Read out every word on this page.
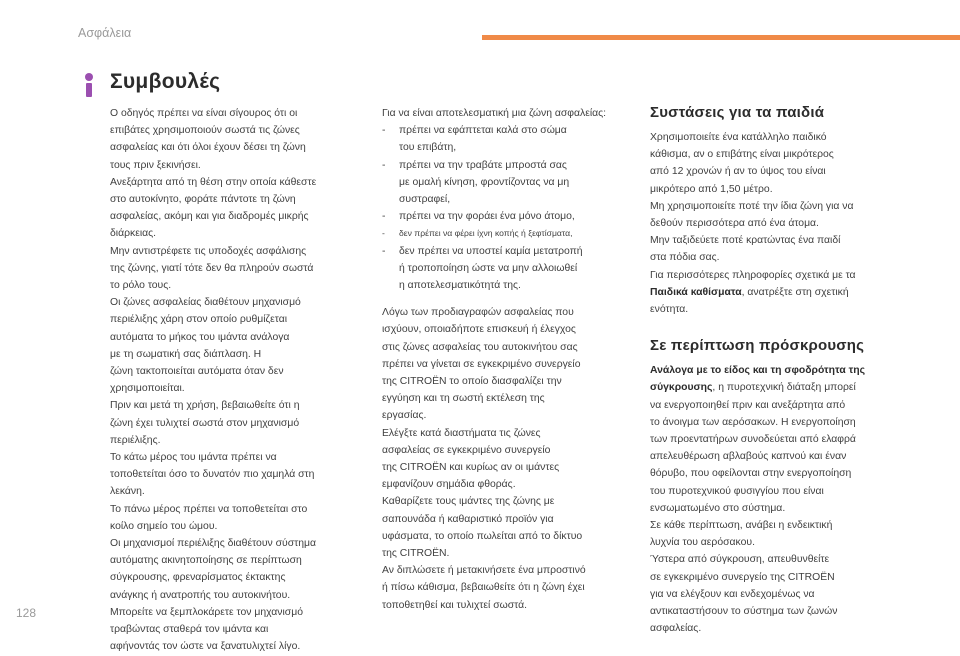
Ασφάλεια
Συμβουλές

Ο οδηγός πρέπει να είναι σίγουρος ότι οι

επιβάτες χρησιμοποιούν σωστά τις ζώνες

ασφαλείας και ότι όλοι έχουν δέσει τη ζώνη

τους πριν ξεκινήσει.

Ανεξάρτητα από τη θέση στην οποία κάθεστε

στο αυτοκίνητο, φοράτε πάντοτε τη ζώνη

ασφαλείας, ακόμη και για διαδρομές μικρής

διάρκειας.

Μην αντιστρέφετε τις υποδοχές ασφάλισης

της ζώνης, γιατί τότε δεν θα πληρούν σωστά

το ρόλο τους.

Οι ζώνες ασφαλείας διαθέτουν μηχανισμό

περιέλιξης χάρη στον οποίο ρυθμίζεται

αυτόματα το μήκος του ιμάντα ανάλογα

με τη σωματική σας διάπλαση. Η

ζώνη τακτοποιείται αυτόματα όταν δεν

χρησιμοποιείται.

Πριν και μετά τη χρήση, βεβαιωθείτε ότι η

ζώνη έχει τυλιχτεί σωστά στον μηχανισμό

περιέλιξης.

Το κάτω μέρος του ιμάντα πρέπει να

τοποθετείται όσο το δυνατόν πιο χαμηλά στη

λεκάνη.

Το πάνω μέρος πρέπει να τοποθετείται στο

κοίλο σημείο του ώμου.

Οι μηχανισμοί περιέλιξης διαθέτουν σύστημα

αυτόματης ακινητοποίησης σε περίπτωση

σύγκρουσης, φρεναρίσματος έκτακτης

ανάγκης ή ανατροπής του αυτοκινήτου.

Μπορείτε να ξεμπλοκάρετε τον μηχανισμό

τραβώντας σταθερά τον ιμάντα και

αφήνοντάς τον ώστε να ξανατυλιχτεί λίγο.

Για να είναι αποτελεσματική μια ζώνη ασφαλείας:

- πρέπει να εφάπτεται καλά στο σώμα
του επιβάτη,
- πρέπει να την τραβάτε μπροστά σας
με ομαλή κίνηση, φροντίζοντας να μη
συστραφεί,
- πρέπει να την φοράει ένα μόνο άτομο,
- δεν πρέπει να φέρει ίχνη κοπής ή ξεφτίσματα,
- δεν πρέπει να υποστεί καμία μετατροπή
ή τροποποίηση ώστε να μην αλλοιωθεί
η αποτελεσματικότητά της.

Λόγω των προδιαγραφών ασφαλείας που

ισχύουν, οποιαδήποτε επισκευή ή έλεγχος

στις ζώνες ασφαλείας του αυτοκινήτου σας

πρέπει να γίνεται σε εγκεκριμένο συνεργείο

της CITROËN το οποίο διασφαλίζει την

εγγύηση και τη σωστή εκτέλεση της

εργασίας.

Ελέγξτε κατά διαστήματα τις ζώνες

ασφαλείας σε εγκεκριμένο συνεργείο

της CITROËN και κυρίως αν οι ιμάντες

εμφανίζουν σημάδια φθοράς.

Καθαρίζετε τους ιμάντες της ζώνης με

σαπουνάδα ή καθαριστικό προϊόν για

υφάσματα, το οποίο πωλείται από το δίκτυο

της CITROËN.

Αν διπλώσετε ή μετακινήσετε ένα μπροστινό

ή πίσω κάθισμα, βεβαιωθείτε ότι η ζώνη έχει

τοποθετηθεί και τυλιχτεί σωστά.

Συστάσεις για τα παιδιά

Χρησιμοποιείτε ένα κατάλληλο παιδικό

κάθισμα, αν ο επιβάτης είναι μικρότερος

από 12 χρονών ή αν το ύψος του είναι

μικρότερο από 1,50 μέτρο.

Μη χρησιμοποιείτε ποτέ την ίδια ζώνη για να

δεθούν περισσότερα από ένα άτομα.

Μην ταξιδεύετε ποτέ κρατώντας ένα παιδί

στα πόδια σας.

Για περισσότερες πληροφορίες σχετικά με τα

Παιδικά καθίσματα, ανατρέξτε στη σχετική

ενότητα.

Σε περίπτωση πρόσκρουσης

Ανάλογα με το είδος και τη σφοδρότητα της

σύγκρουσης, η πυροτεχνική διάταξη μπορεί

να ενεργοποιηθεί πριν και ανεξάρτητα από

το άνοιγμα των αερόσακων. Η ενεργοποίηση

των προεντατήρων συνοδεύεται από ελαφρά

απελευθέρωση αβλαβούς καπνού και έναν

θόρυβο, που οφείλονται στην ενεργοποίηση

του πυροτεχνικού φυσιγγίου που είναι

ενσωματωμένο στο σύστημα.

Σε κάθε περίπτωση, ανάβει η ενδεικτική

λυχνία του αερόσακου.

Ύστερα από σύγκρουση, απευθυνθείτε

σε εγκεκριμένο συνεργείο της CITROËN

για να ελέγξουν και ενδεχομένως να

αντικαταστήσουν το σύστημα των ζωνών

ασφαλείας.

128
